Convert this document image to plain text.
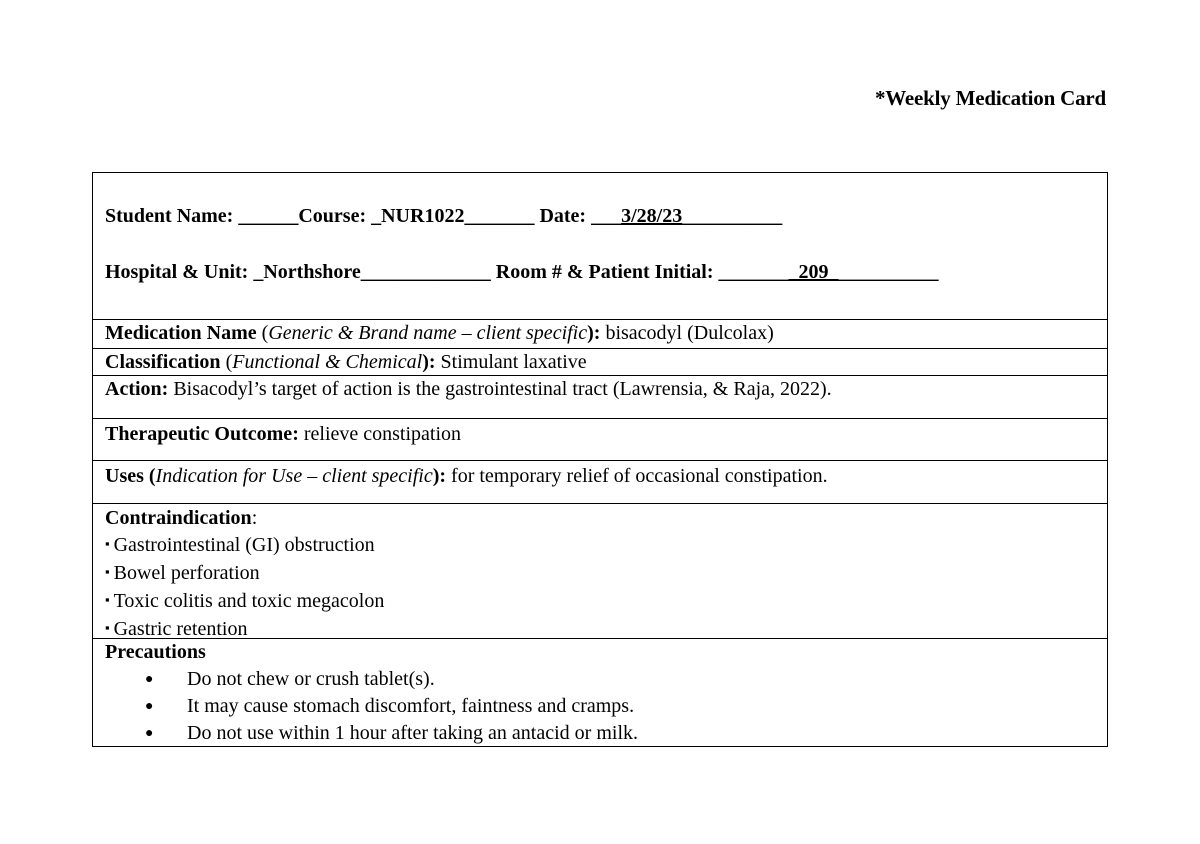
*Weekly Medication Card
Student Name: ______Course: _NUR1022_______ Date: ___3/28/23__________
Hospital & Unit: _Northshore_____________ Room # & Patient Initial: ________209___________
Medication Name (Generic & Brand name – client specific): bisacodyl (Dulcolax)
Classification (Functional & Chemical): Stimulant laxative
Action: Bisacodyl’s target of action is the gastrointestinal tract (Lawrensia, & Raja, 2022).
Therapeutic Outcome: relieve constipation
Uses (Indication for Use – client specific): for temporary relief of occasional constipation.
Contraindication:
▪ Gastrointestinal (GI) obstruction
▪ Bowel perforation
▪ Toxic colitis and toxic megacolon
▪ Gastric retention
Precautions
● Do not chew or crush tablet(s).
● It may cause stomach discomfort, faintness and cramps.
● Do not use within 1 hour after taking an antacid or milk.
